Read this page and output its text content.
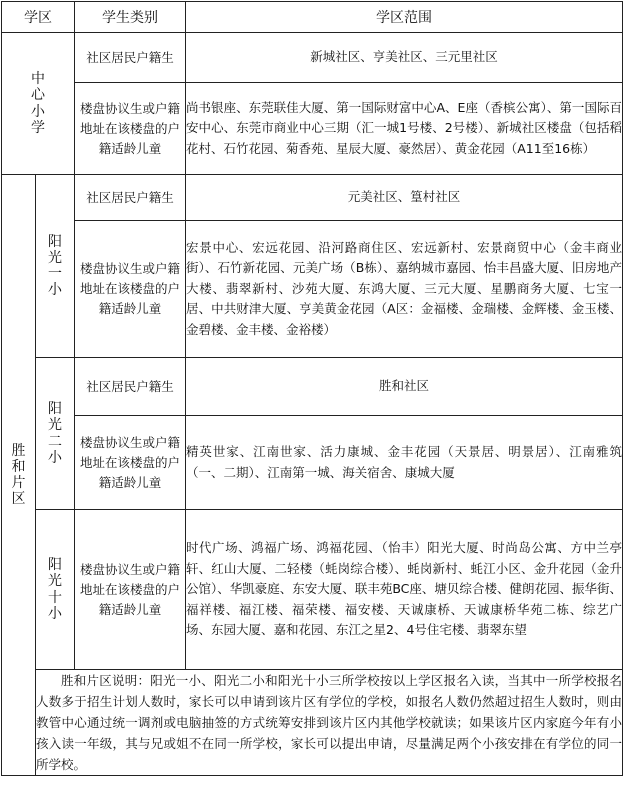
学区		学生类别	学区范围

中心小学		社区居民户籍生	新城社区、亨美社区、三元里社区
		楼盘协议生或户籍地址在该楼盘的户籍适龄儿童	尚书银座、东莞联佳大厦、第一国际财富中心A、E座（香槟公寓）、第一国际百安中心、东莞市商业中心三期（汇一城1号楼、2号楼）、新城社区楼盘（包括稻花村、石竹花园、菊香苑、星辰大厦、豪然居）、黄金花园（A11至16栋）

胜和片区	阳光一小	社区居民户籍生	元美社区、篁村社区
		楼盘协议生或户籍地址在该楼盘的户籍适龄儿童	宏景中心、宏远花园、沿河路商住区、宏远新村、宏景商贸中心（金丰商业街）、石竹新花园、元美广场（B栋）、嘉纳城市嘉园、怡丰昌盛大厦、旧房地产大楼、翡翠新村、沙苑大厦、东鸿大厦、三元大厦、星鹏商务大厦、七宝一居、中共财津大厦、亨美黄金花园（A区：金福楼、金瑞楼、金辉楼、金玉楼、金碧楼、金丰楼、金裕楼）

	阳光二小	社区居民户籍生	胜和社区
		楼盘协议生或户籍地址在该楼盘的户籍适龄儿童	精英世家、江南世家、活力康城、金丰花园（天景居、明景居）、江南雅筑（一、二期）、江南第一城、海关宿舍、康城大厦

	阳光十小	楼盘协议生或户籍地址在该楼盘的户籍适龄儿童	时代广场、鸿福广场、鸿福花园、（怡丰）阳光大厦、时尚岛公寓、方中兰亭轩、红山大厦、二轻楼（蚝岗综合楼）、蚝岗新村、蚝江小区、金升花园（金升公馆）、华凯豪庭、东安大厦、联丰苑BC座、塘贝综合楼、健朗花园、振华街、福祥楼、福江楼、福荣楼、福安楼、天诚康桥、天诚康桥华苑二栋、综艺广场、东园大厦、嘉和花园、东江之星2、4号住宅楼、翡翠东望
	胜和片区说明：阳光一小、阳光二小和阳光十小三所学校按以上学区报名入读，当其中一所学校报名人数多于招生计划人数时，家长可以申请到该片区有学位的学校，如报名人数仍然超过招生人数时，则由教管中心通过统一调剂或电脑抽签的方式统筹安排到该片区内其他学校就读；如果该片区内家庭今年有小孩入读一年级，其与兄或姐不在同一所学校，家长可以提出申请，尽量满足两个小孩安排在有学位的同一所学校。		
